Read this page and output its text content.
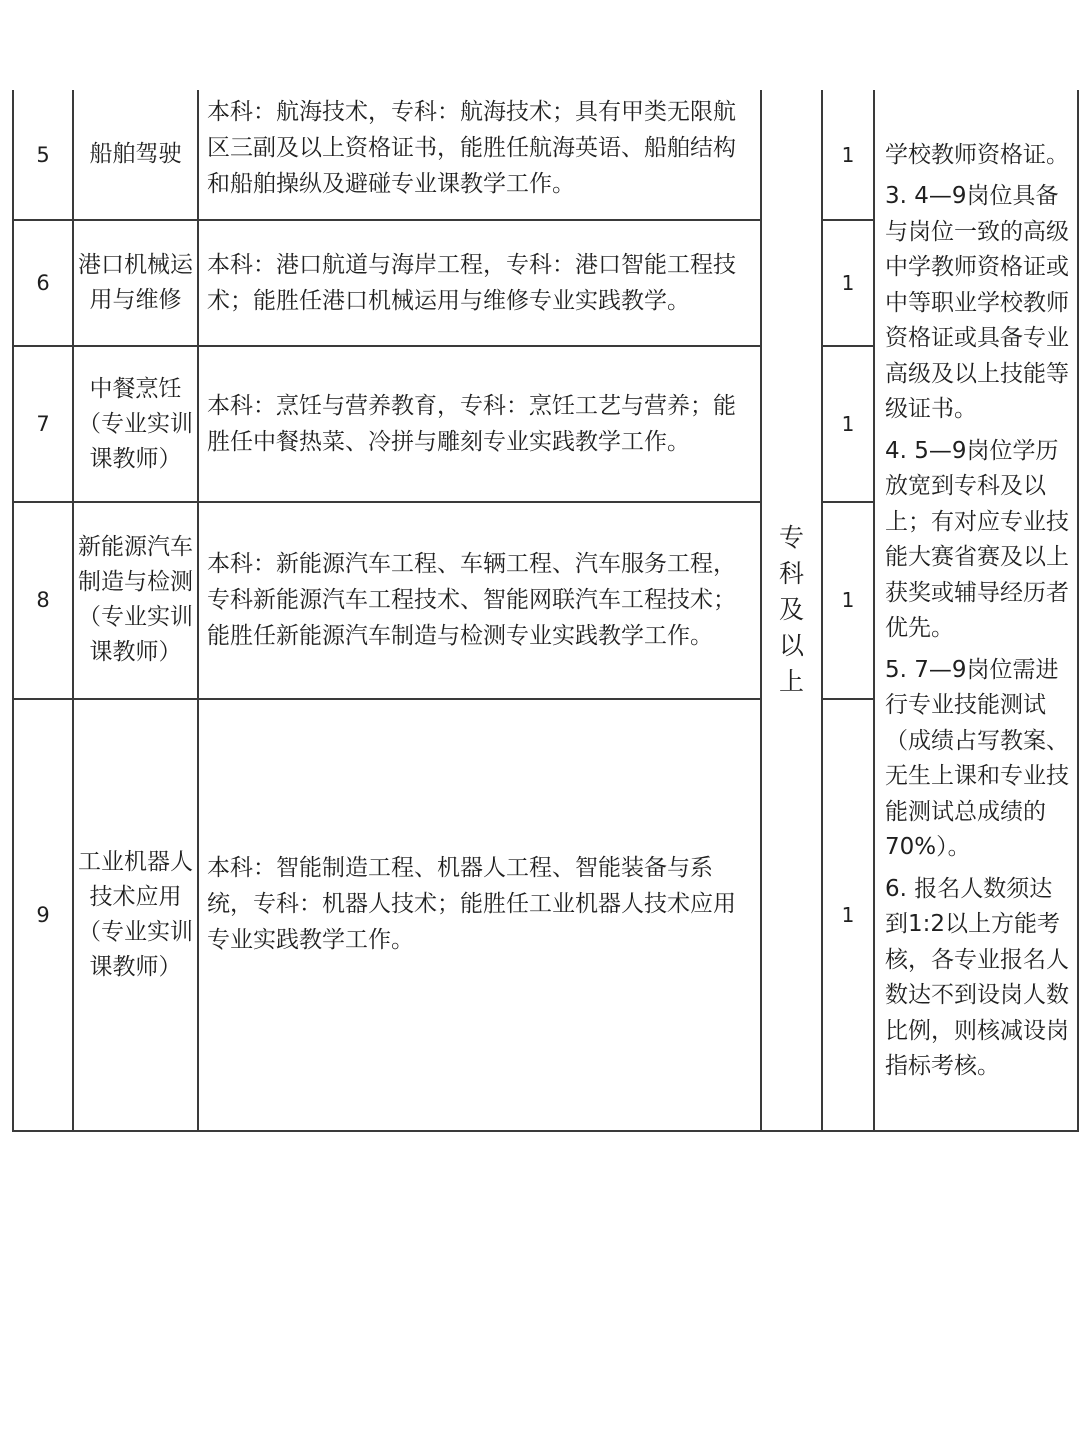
5	船舶驾驶	本科：航海技术，专科：航海技术；具有甲类无限航区三副及以上资格证书，能胜任航海英语、船舶结构和船舶操纵及避碰专业课教学工作。	专科及以上	1	学校教师资格证。
3. 4—9岗位具备与岗位一致的高级中学教师资格证或中等职业学校教师资格证或具备专业高级及以上技能等级证书。
4. 5—9岗位学历放宽到专科及以上；有对应专业技能大赛省赛及以上获奖或辅导经历者优先。
5. 7—9岗位需进行专业技能测试（成绩占写教案、无生上课和专业技能测试总成绩的70%）。
6. 报名人数须达到1:2以上方能考核，各专业报名人数达不到设岗人数比例，则核减设岗指标考核。

6	港口机械运用与维修	本科：港口航道与海岸工程，专科：港口智能工程技术；能胜任港口机械运用与维修专业实践教学。		1	
7	中餐烹饪（专业实训课教师）	本科：烹饪与营养教育，专科：烹饪工艺与营养；能胜任中餐热菜、冷拼与雕刻专业实践教学工作。		1	
8	新能源汽车制造与检测（专业实训课教师）	本科：新能源汽车工程、车辆工程、汽车服务工程，专科新能源汽车工程技术、智能网联汽车工程技术；能胜任新能源汽车制造与检测专业实践教学工作。		1	
9	工业机器人技术应用（专业实训课教师）	本科：智能制造工程、机器人工程、智能装备与系统，专科：机器人技术；能胜任工业机器人技术应用专业实践教学工作。		1	
